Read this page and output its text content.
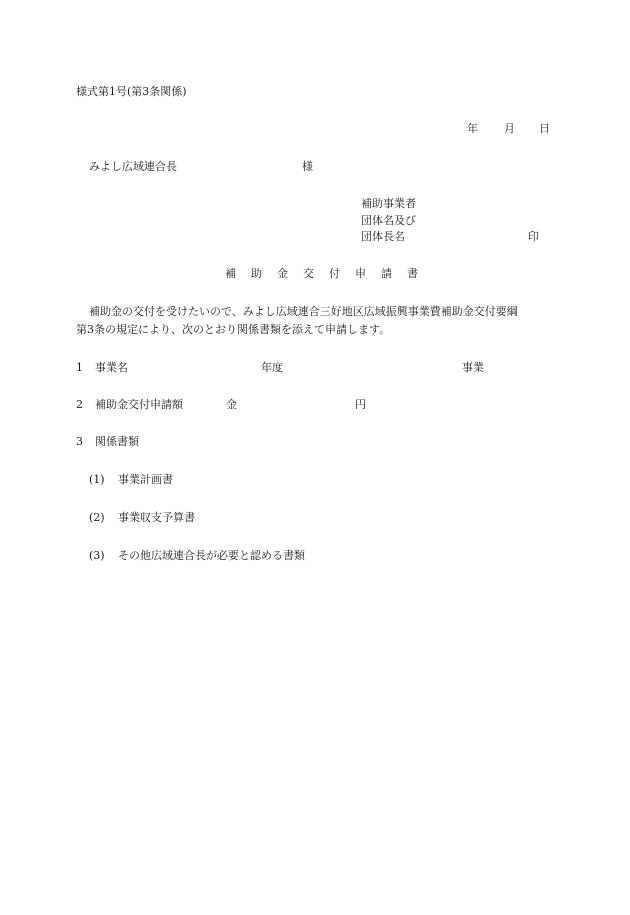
様式第1号(第3条関係)
年 月 日
みよし広域連合長	様
補助事業者
団体名及び
団体長名	印
補 助 金 交 付 申 請 書
補助金の交付を受けたいので、みよし広域連合三好地区広域振興事業費補助金交付要綱
第3条の規定により、次のとおり関係書類を添えて申請します。
1 事業名	年度	事業
2 補助金交付申請額	金	円
3 関係書類
(1) 事業計画書
(2) 事業収支予算書
(3) その他広域連合長が必要と認める書類
